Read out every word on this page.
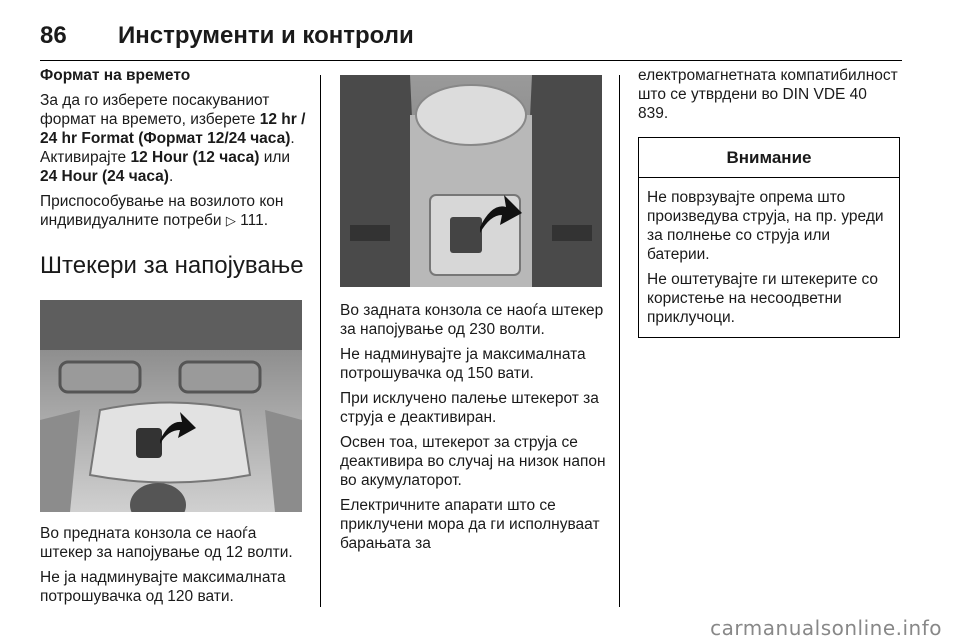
86	Инструменти и контроли

Формат на времето

За да го изберете посакуваниот формат на времето, изберете 12 hr / 24 hr Format (Формат 12/24 часа). Активирајте 12 Hour (12 часа) или 24 Hour (24 часа).

Приспособување на возилото кон индивидуалните потреби ▷ 111.

Штекери за напојување

Во предната конзола се наоѓа штекер за напојување од 12 волти.

Не ја надминувајте максималната потрошувачка од 120 вати.

Во задната конзола се наоѓа штекер за напојување од 230 волти.

Не надминувајте ја максималната потрошувачка од 150 вати.

При исклучено палење штекерот за струја е деактивиран.

Освен тоа, штекерот за струја се деактивира во случај на низок напон во акумулаторот.

Електричните апарати што се приклучени мора да ги исполнуваат барањата за

електромагнетната компатибилност што се утврдени во DIN VDE 40 839.

Внимание

Не поврзувајте опрема што произведува струја, на пр. уреди за полнење со струја или батерии.

Не оштетувајте ги штекерите со користење на несоодветни приклучоци.

carmanualsonline.info
